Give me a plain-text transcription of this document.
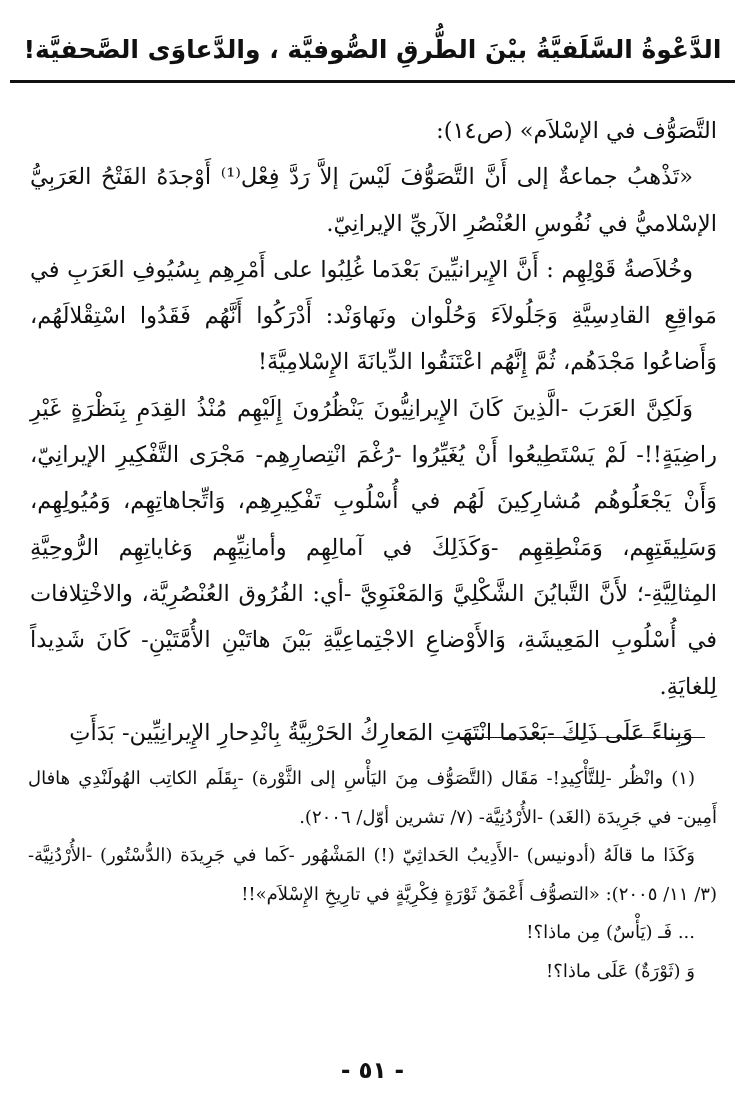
الدَّعْوةُ السَّلَفيَّةُ بيْنَ الطُّرقِ الصُّوفيَّة ، والدَّعاوَى الصَّحفيَّة!

التَّصَوُّف في الإسْلاَم» (ص١٤):

«تَذْهبُ جماعةٌ إلى أَنَّ التَّصَوُّفَ لَيْسَ إلاَّ رَدَّ فِعْل⁽¹⁾ أَوْجدَهُ الفَتْحُ العَرَبِيُّ الإسْلاميُّ في نُفُوسِ العُنْصُرِ الآريِّ الإيرانِيّ.

وخُلاَصةُ قَوْلِهِم : أَنَّ الإِيرانيِّينَ بَعْدَما غُلِبُوا على أَمْرِهِم بِسُيُوفِ العَرَبِ في مَواقِعِ القادِسِيَّةِ وَجَلُولاَءَ وَحُلْوان ونَهاوَنْد: أَدْرَكُوا أَنَّهُم فَقَدُوا اسْتِقْلالَهُم، وَأَضاعُوا مَجْدَهُم، ثُمَّ إِنَّهُم اعْتَنَقُوا الدِّيانَةَ الإِسْلامِيَّةَ!

وَلَكِنَّ العَرَبَ -الَّذِينَ كَانَ الإِيرانِيُّونَ يَنْظُرُونَ إِلَيْهِم مُنْذُ القِدَمِ بِنَظْرَةٍ غَيْرِ راضِيَةٍ!!- لَمْ يَسْتَطِيعُوا أَنْ يُغَيِّرُوا -رُغْمَ انْتِصارِهِم- مَجْرَى التَّفْكِيرِ الإيرانِيّ، وَأَنْ يَجْعَلُوهُم مُشارِكِينَ لَهُم في أُسْلُوبِ تَفْكِيرِهِم، وَاتِّجاهاتِهِم، وَمُيُولِهِم، وَسَلِيقَتِهِم، وَمَنْطِقِهِم -وَكَذَلِكَ في آمالِهِم وأمانِيِّهِم وَغاياتِهِم الرُّوحِيَّةِ المِثالِيَّةِ-؛ لأَنَّ التَّبايُنَ الشَّكْلِيَّ وَالمَعْنَوِيَّ -أي: الفُرُوق العُنْصُرِيَّة، والاخْتِلافات في أُسْلُوبِ المَعِيشَةِ، وَالأَوْضاعِ الاجْتِماعِيَّةِ بَيْنَ هاتَيْنِ الأُمَّتَيْنِ- كَانَ شَدِيداً لِلغايَةِ.

وَبِناءً عَلَى ذَلِكَ -بَعْدَما انْتَهَتِ المَعارِكُ الحَرْبِيَّةُ بِانْدِحارِ الإِيرانِيِّين- بَدَأَتِ

(١) وانْظُر -لِلتَّأْكِيدِ!- مَقَال (التَّصَوُّف مِنَ اليَأْسِ إلى الثَّوْرة) -بِقَلَم الكاتِب الهُولَنْدِي هافال أَمِين- في جَرِيدَة (الغَد) -الأُرْدُنِيَّة- (٧/ تشرين أوّل/ ٢٠٠٦).

وَكَذَا ما قالَهُ (أدونيس) -الأَدِيبُ الحَداثِيّ (!) المَشْهُور -كَما في جَرِيدَة (الدُّسْتُور) -الأُرْدُنِيَّة- (٣/ ١١/ ٢٠٠٥): «التصوُّف أَعْمَقُ ثَوْرَةٍ فِكْرِيَّةٍ في تارِيخِ الإِسْلاَم»!!

... فَـ (يَأْسٌ) مِن ماذا؟!

وَ (ثَوْرَةٌ) عَلَى ماذا؟!

- ٥١ -
